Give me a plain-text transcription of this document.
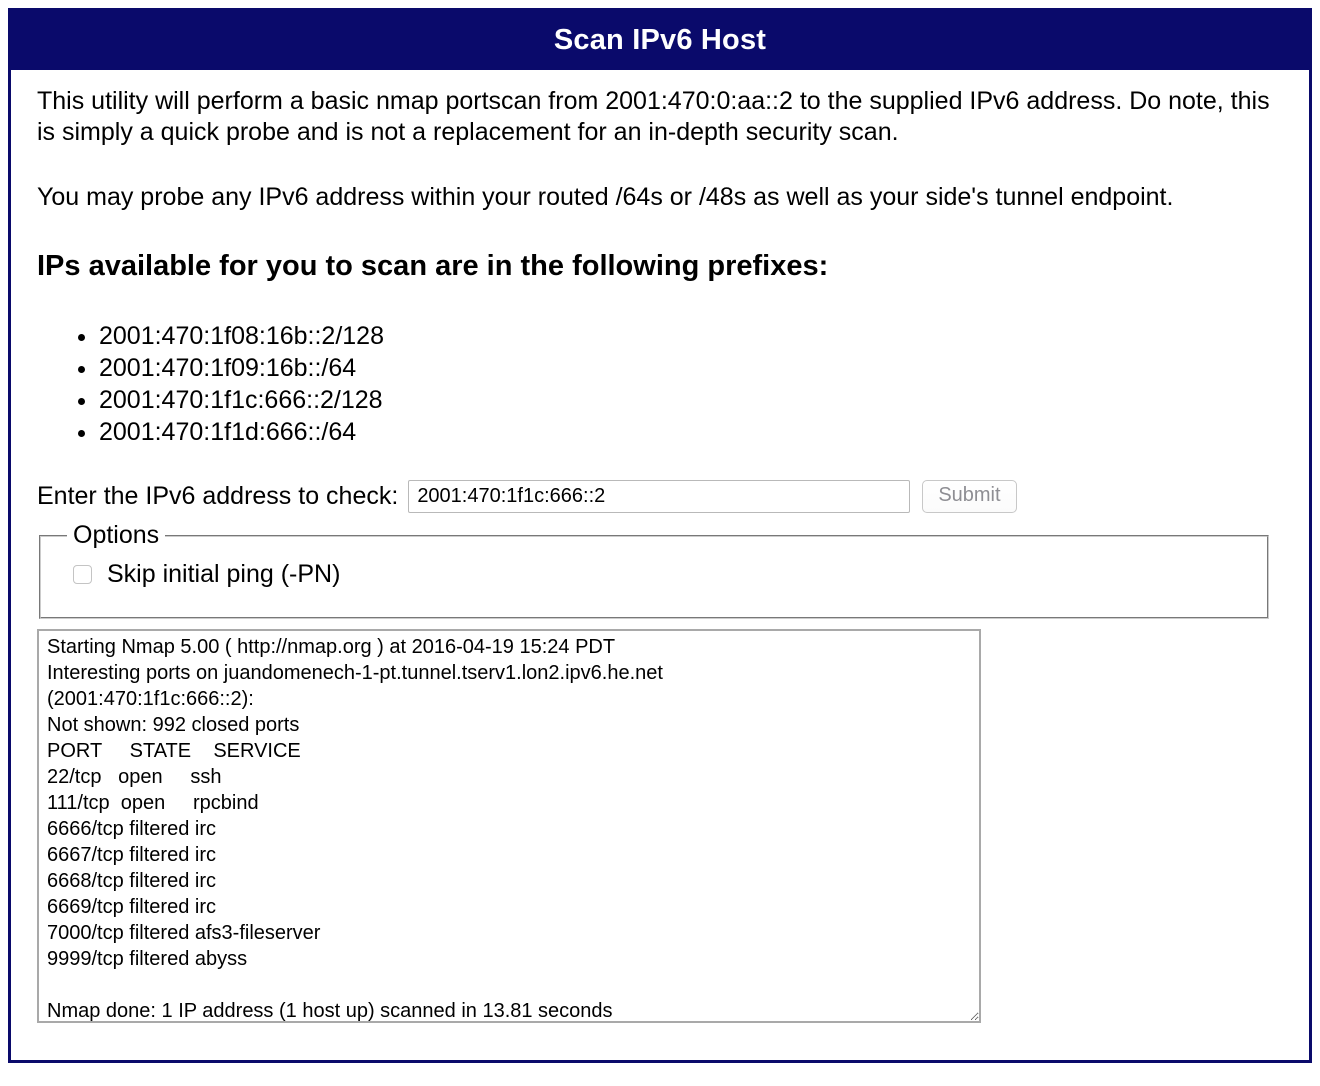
Scan IPv6 Host

This utility will perform a basic nmap portscan from 2001:470:0:aa::2 to the supplied IPv6 address. Do note, this is simply a quick probe and is not a replacement for an in-depth security scan.

You may probe any IPv6 address within your routed /64s or /48s as well as your side's tunnel endpoint.

IPs available for you to scan are in the following prefixes:
• 2001:470:1f08:16b::2/128
• 2001:470:1f09:16b::/64
• 2001:470:1f1c:666::2/128
• 2001:470:1f1d:666::/64
Enter the IPv6 address to check:
2001:470:1f1c:666::2	Submit
Options
Skip initial ping (-PN)
Starting Nmap 5.00 ( http://nmap.org ) at 2016-04-19 15:24 PDT Interesting ports on juandomenech-1-pt.tunnel.tserv1.lon2.ipv6.he.net (2001:470:1f1c:666::2): Not shown: 992 closed ports PORT STATE SERVICE 22/tcp open ssh 111/tcp open rpcbind 6666/tcp filtered irc 6667/tcp filtered irc 6668/tcp filtered irc 6669/tcp filtered irc 7000/tcp filtered afs3-fileserver 9999/tcp filtered abyss Nmap done: 1 IP address (1 host up) scanned in 13.81 seconds
